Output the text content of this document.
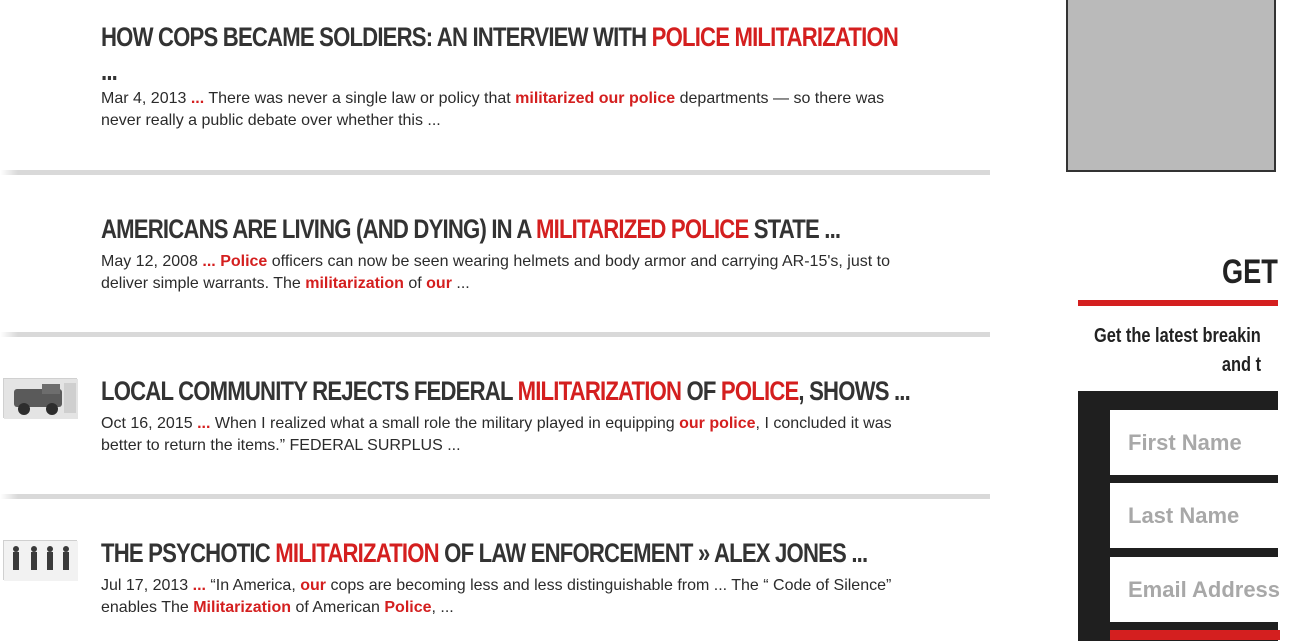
HOW COPS BECAME SOLDIERS: AN INTERVIEW WITH POLICE MILITARIZATION
...

Mar 4, 2013 ... There was never a single law or policy that militarized our police departments — so there was never really a public debate over whether this ...

AMERICANS ARE LIVING (AND DYING) IN A MILITARIZED POLICE STATE ...

May 12, 2008 ... Police officers can now be seen wearing helmets and body armor and carrying AR-15's, just to deliver simple warrants. The militarization of our ...

LOCAL COMMUNITY REJECTS FEDERAL MILITARIZATION OF POLICE, SHOWS ...

Oct 16, 2015 ... When I realized what a small role the military played in equipping our police, I concluded it was better to return the items.” FEDERAL SURPLUS ...

THE PSYCHOTIC MILITARIZATION OF LAW ENFORCEMENT » ALEX JONES ...

Jul 17, 2013 ... “In America, our cops are becoming less and less distinguishable from ... The “ Code of Silence” enables The Militarization of American Police, ...

GET

Get the latest breakin
and t

First Name
Last Name
Email Address
